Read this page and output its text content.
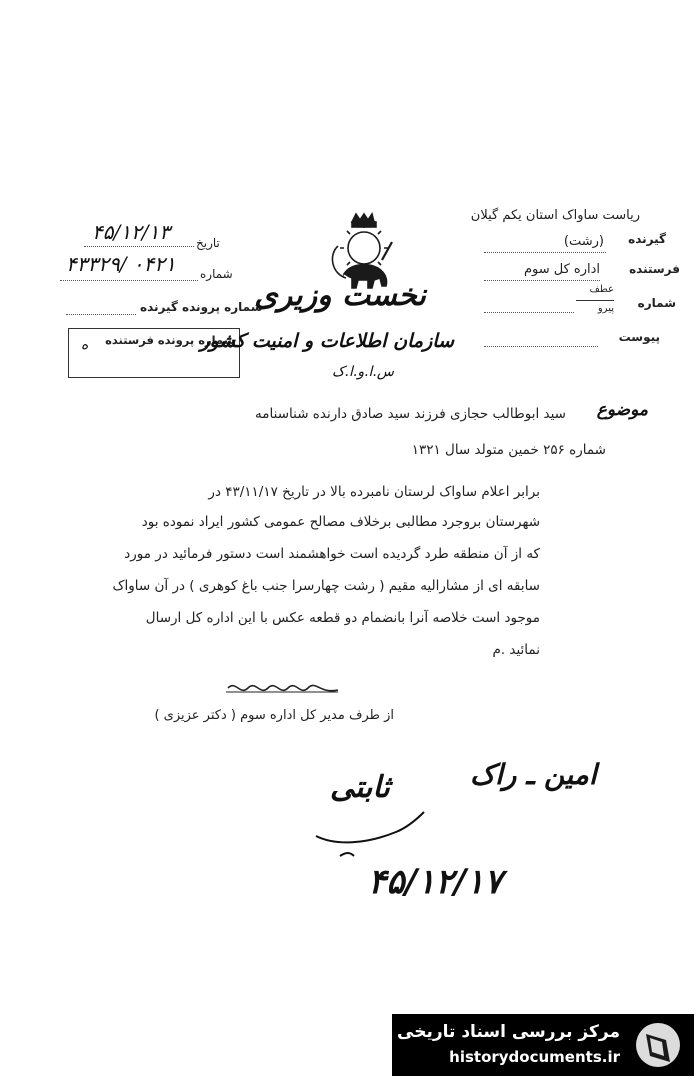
تاریخ
۴۵/۱۲/۱۳
شماره
۴۳۳۲۹/ ۰۴۲۱
شماره پرونده گیرنده
شماره پرونده فرستنده
ه
نخست وزیری
سازمان اطلاعات و امنیت کشور
س.ا.و.ا.ک
ریاست ساواک استان یکم گیلان
گیرنده
(رشت)
فرستنده
اداره کل سوم
شماره
عطف
پیرو
پیوست
موضوع
سید ابوطالب حجازی فرزند سید صادق دارنده شناسنامه
شماره ۲۵۶ خمین متولد سال ۱۳۲۱
برابر اعلام ساواک لرستان نامبرده بالا در تاریخ ۴۳/۱۱/۱۷ در
شهرستان بروجرد مطالبی برخلاف مصالح عمومی کشور ایراد نموده بود
که از آن منطقه طرد گردیده است خواهشمند است دستور فرمائید در مورد
سابقه ای از مشارالیه مقیم ( رشت چهارسرا جنب باغ کوهری ) در آن ساواک
موجود است خلاصه آنرا بانضمام دو قطعه عکس با این اداره کل ارسال
نمائید .م
از طرف مدیر کل اداره سوم ( دکتر عزیزی )
ثابتی	امین ـ راک
۴۵/۱۲/۱۷
مرکز بررسی اسناد تاریخی
historydocuments.ir
